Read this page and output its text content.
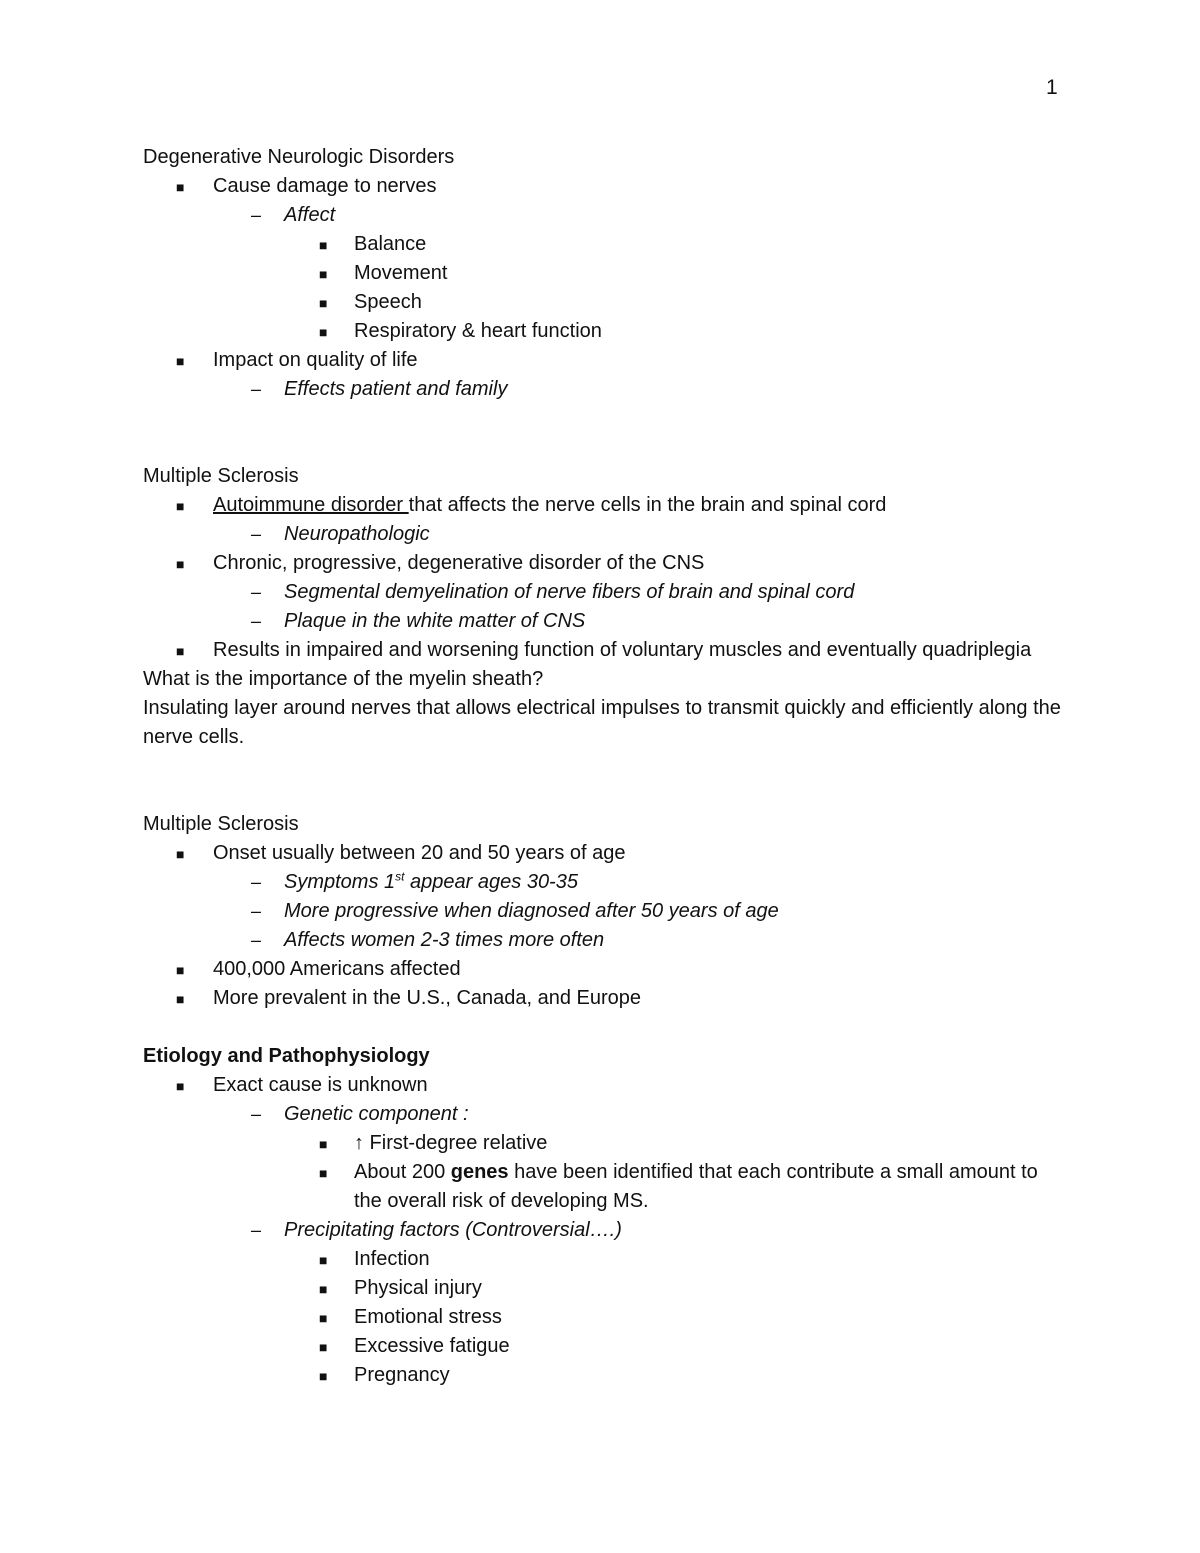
1
Degenerative Neurologic Disorders
■ Cause damage to nerves
– Affect
■ Balance
■ Movement
■ Speech
■ Respiratory & heart function
■ Impact on quality of life
– Effects patient and family
Multiple Sclerosis
■ Autoimmune disorder that affects the nerve cells in the brain and spinal cord
– Neuropathologic
■ Chronic, progressive, degenerative disorder of the CNS
– Segmental demyelination of nerve fibers of brain and spinal cord
– Plaque in the white matter of CNS
■ Results in impaired and worsening function of voluntary muscles and eventually quadriplegia
What is the importance of the myelin sheath?
Insulating layer around nerves that allows electrical impulses to transmit quickly and efficiently along the nerve cells.
Multiple Sclerosis
■ Onset usually between 20 and 50 years of age
– Symptoms 1st appear ages 30-35
– More progressive when diagnosed after 50 years of age
– Affects women 2-3 times more often
■ 400,000 Americans affected
■ More prevalent in the U.S., Canada, and Europe
Etiology and Pathophysiology
■ Exact cause is unknown
– Genetic component :
■ ↑ First-degree relative
■ About 200 genes have been identified that each contribute a small amount to the overall risk of developing MS.
– Precipitating factors (Controversial….)
■ Infection
■ Physical injury
■ Emotional stress
■ Excessive fatigue
■ Pregnancy
